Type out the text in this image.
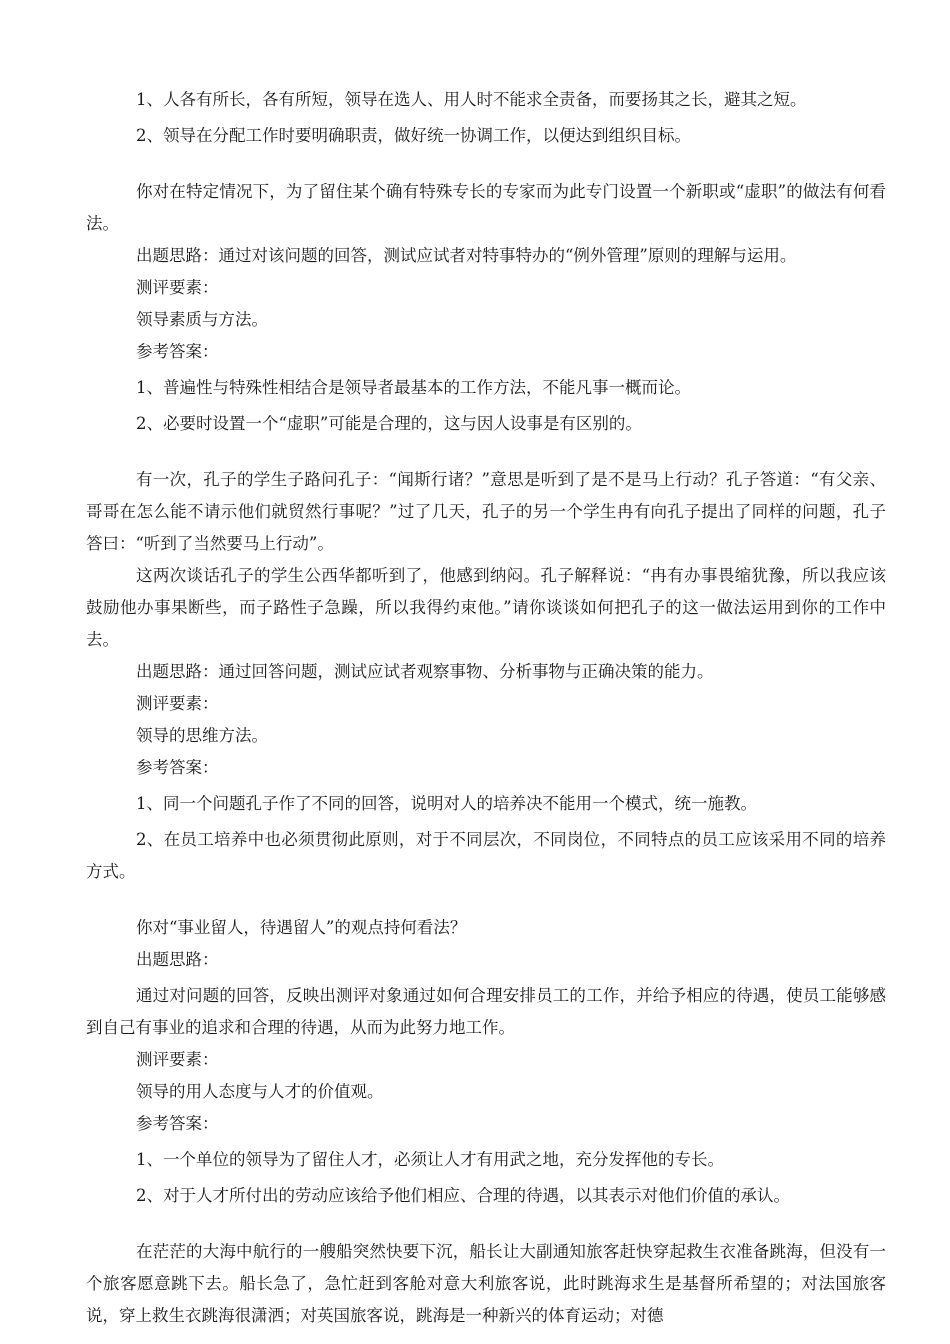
1、人各有所长，各有所短，领导在选人、用人时不能求全责备，而要扬其之长，避其之短。

2、领导在分配工作时要明确职责，做好统一协调工作，以便达到组织目标。

你对在特定情况下，为了留住某个确有特殊专长的专家而为此专门设置一个新职或“虚职”的做法有何看法。

出题思路：通过对该问题的回答，测试应试者对特事特办的“例外管理”原则的理解与运用。

测评要素：

领导素质与方法。

参考答案：

1、普遍性与特殊性相结合是领导者最基本的工作方法，不能凡事一概而论。

2、必要时设置一个“虚职”可能是合理的，这与因人设事是有区别的。

有一次，孔子的学生子路问孔子：“闻斯行诸？”意思是听到了是不是马上行动？孔子答道：“有父亲、哥哥在怎么能不请示他们就贸然行事呢？”过了几天，孔子的另一个学生冉有向孔子提出了同样的问题，孔子答曰：“听到了当然要马上行动”。

这两次谈话孔子的学生公西华都听到了，他感到纳闷。孔子解释说：“冉有办事畏缩犹豫，所以我应该鼓励他办事果断些，而子路性子急躁，所以我得约束他。”请你谈谈如何把孔子的这一做法运用到你的工作中去。

出题思路：通过回答问题，测试应试者观察事物、分析事物与正确决策的能力。

测评要素：

领导的思维方法。

参考答案：

1、同一个问题孔子作了不同的回答，说明对人的培养决不能用一个模式，统一施教。

2、在员工培养中也必须贯彻此原则，对于不同层次，不同岗位，不同特点的员工应该采用不同的培养方式。

你对“事业留人，待遇留人”的观点持何看法？

出题思路：

通过对问题的回答，反映出测评对象通过如何合理安排员工的工作，并给予相应的待遇，使员工能够感到自己有事业的追求和合理的待遇，从而为此努力地工作。

测评要素：

领导的用人态度与人才的价值观。

参考答案：

1、一个单位的领导为了留住人才，必须让人才有用武之地，充分发挥他的专长。

2、对于人才所付出的劳动应该给予他们相应、合理的待遇，以其表示对他们价值的承认。

在茫茫的大海中航行的一艘船突然快要下沉，船长让大副通知旅客赶快穿起救生衣准备跳海，但没有一个旅客愿意跳下去。船长急了，急忙赶到客舱对意大利旅客说，此时跳海求生是基督所希望的；对法国旅客说，穿上救生衣跳海很潇洒；对英国旅客说，跳海是一种新兴的体育运动；对德
